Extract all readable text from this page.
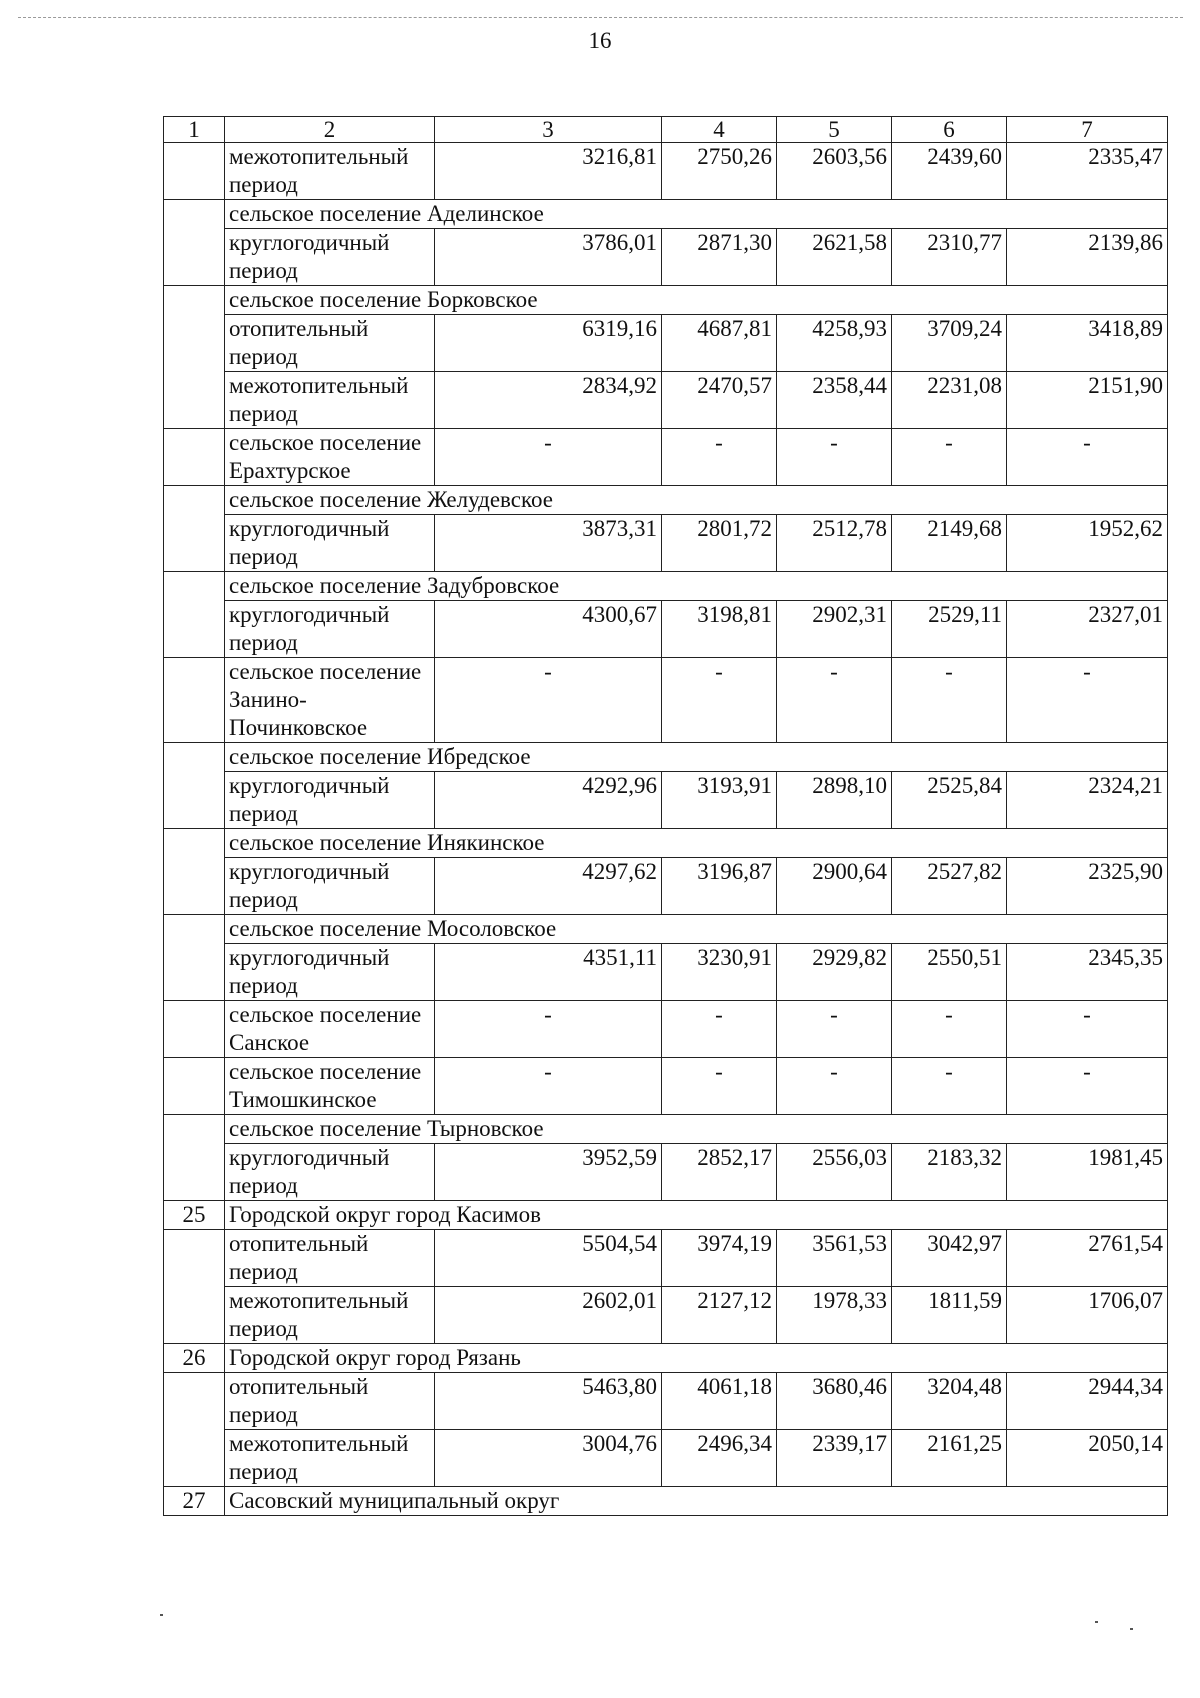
16
1	2	3	4	5	6	7
	межотопительный период	3216,81	2750,26	2603,56	2439,60	2335,47
	сельское поселение Аделинское					
	круглогодичный период	3786,01	2871,30	2621,58	2310,77	2139,86
	сельское поселение Борковское					
	отопительный период	6319,16	4687,81	4258,93	3709,24	3418,89
	межотопительный период	2834,92	2470,57	2358,44	2231,08	2151,90
	сельское поселение Ерахтурское	-	-	-	-	-
	сельское поселение Желудевское					
	круглогодичный период	3873,31	2801,72	2512,78	2149,68	1952,62
	сельское поселение Задубровское					
	круглогодичный период	4300,67	3198,81	2902,31	2529,11	2327,01
	сельское поселение Занино-Починковское	-	-	-	-	-
	сельское поселение Ибредское					
	круглогодичный период	4292,96	3193,91	2898,10	2525,84	2324,21
	сельское поселение Инякинское					
	круглогодичный период	4297,62	3196,87	2900,64	2527,82	2325,90
	сельское поселение Мосоловское					
	круглогодичный период	4351,11	3230,91	2929,82	2550,51	2345,35
	сельское поселение Санское	-	-	-	-	-
	сельское поселение Тимошкинское	-	-	-	-	-
	сельское поселение Тырновское					
	круглогодичный период	3952,59	2852,17	2556,03	2183,32	1981,45
25	Городской округ город Касимов					
	отопительный период	5504,54	3974,19	3561,53	3042,97	2761,54
	межотопительный период	2602,01	2127,12	1978,33	1811,59	1706,07
26	Городской округ город Рязань					
	отопительный период	5463,80	4061,18	3680,46	3204,48	2944,34
	межотопительный период	3004,76	2496,34	2339,17	2161,25	2050,14
27	Сасовский муниципальный округ					
